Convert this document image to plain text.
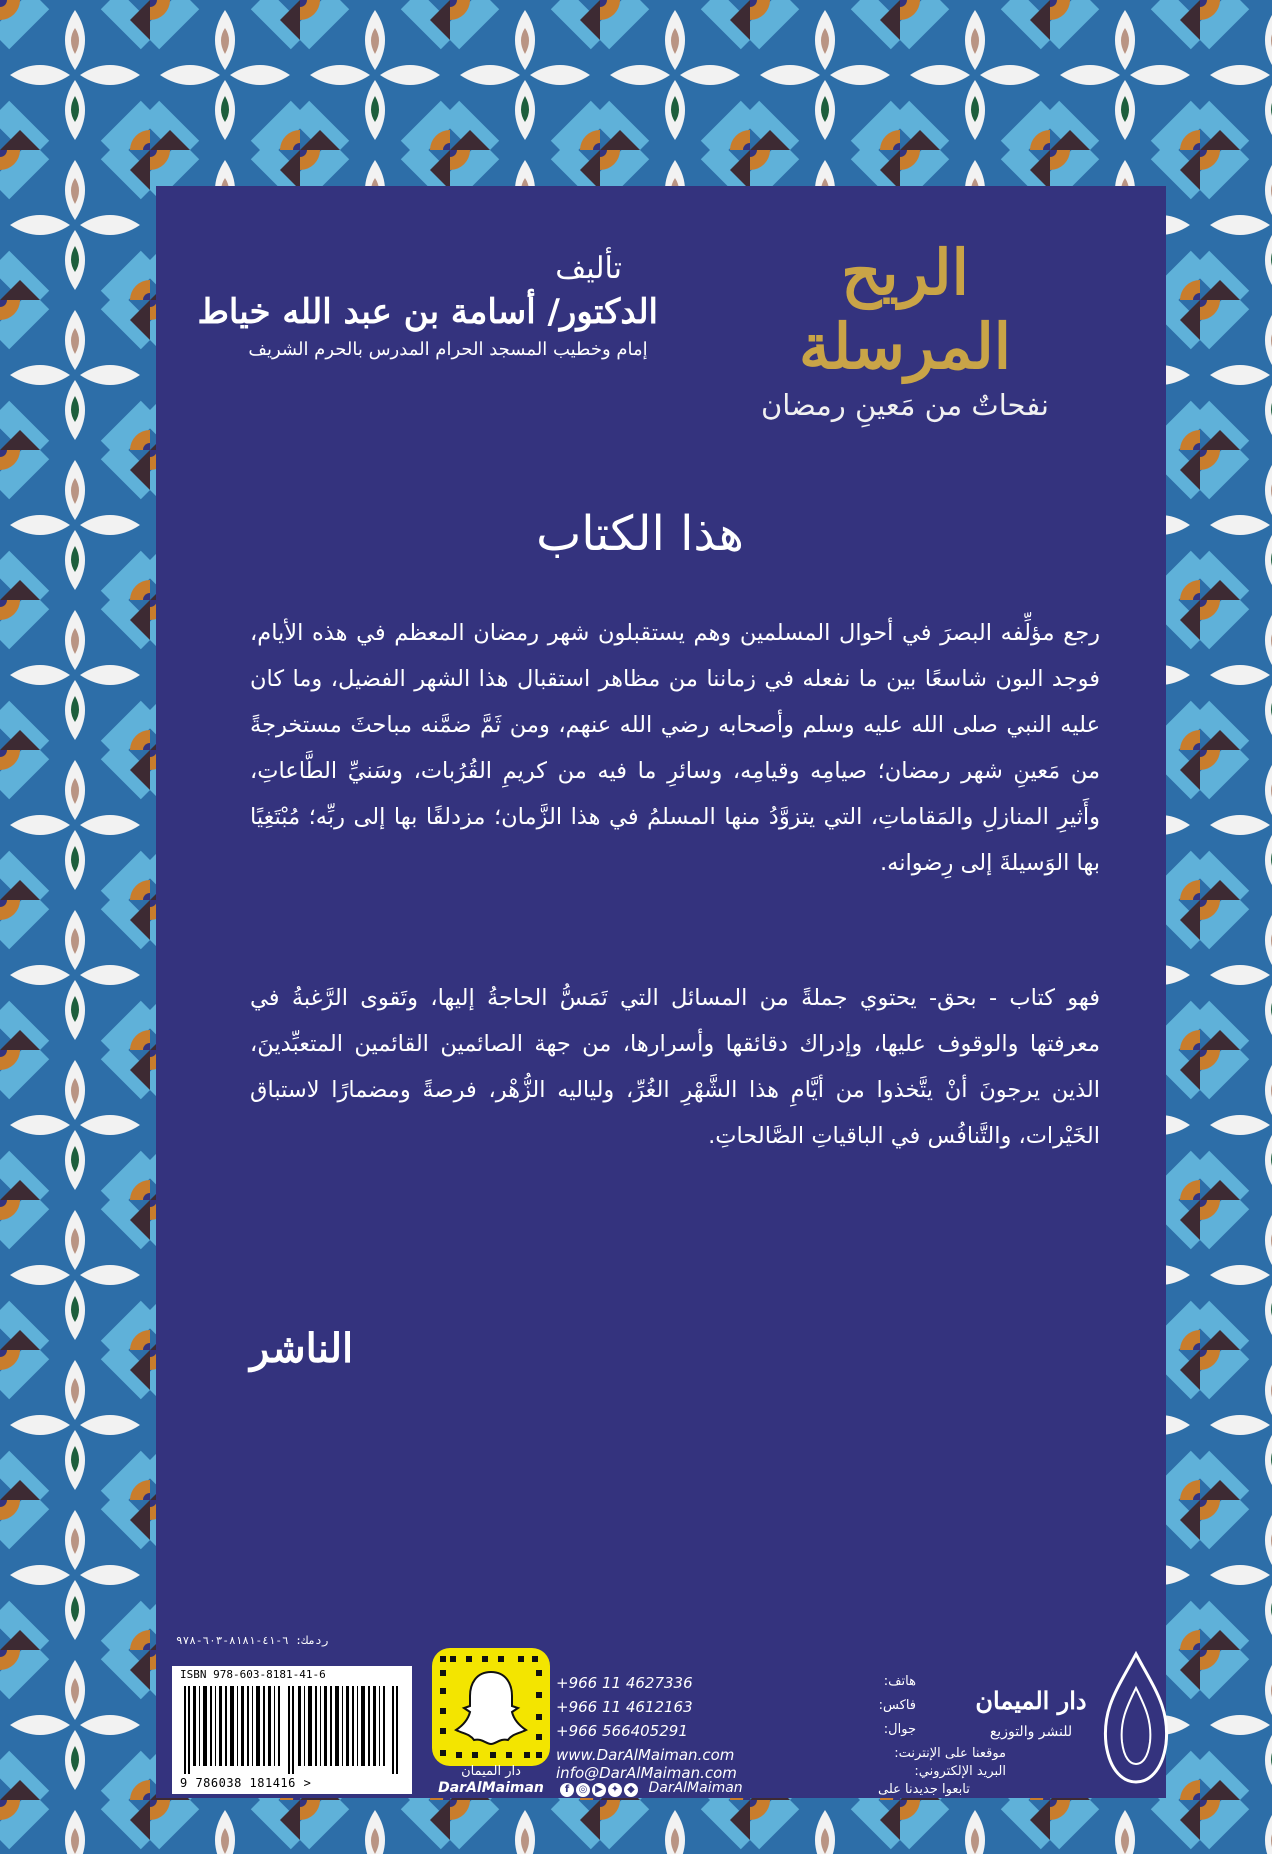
الريح المرسلة
نفحاتٌ من مَعينِ رمضان
تأليف
الدكتور/ أسامة بن عبد الله خياط
إمام وخطيب المسجد الحرام المدرس بالحرم الشريف
هذا الكتاب
رجع مؤلِّفه البصرَ في أحوال المسلمين وهم يستقبلون شهر رمضان المعظم في هذه الأيام، فوجد البون شاسعًا بين ما نفعله في زماننا من مظاهر استقبال هذا الشهر الفضيل، وما كان عليه النبي صلى الله عليه وسلم وأصحابه رضي الله عنهم، ومن ثَمَّ ضمَّنه مباحثَ مستخرجةً من مَعينِ شهر رمضان؛ صيامِه وقيامِه، وسائرِ ما فيه من كريمِ القُرُبات، وسَنيِّ الطَّاعاتِ، وأَثيرِ المنازلِ والمَقاماتِ، التي يتزوَّدُ منها المسلمُ في هذا الزَّمان؛ مزدلفًا بها إلى ربِّه؛ مُبْتَغِيًا بها الوَسيلةَ إلى رِضوانه.
فهو كتاب - بحق- يحتوي جملةً من المسائل التي تَمَسُّ الحاجةُ إليها، وتَقوى الرَّغبةُ في معرفتها والوقوف عليها، وإدراك دقائقها وأسرارها، من جهة الصائمين القائمين المتعبِّدينَ، الذين يرجونَ أنْ يتَّخذوا من أيَّامِ هذا الشَّهْرِ الغُرِّ، ولياليه الزُّهْر، فرصةً ومضمارًا لاستباق الخَيْرات، والتَّنافُس في الباقياتِ الصَّالحاتِ.
الناشر
ردمك: ٦-٤١-٨١٨١-٦٠٣-٩٧٨
ISBN 978-603-8181-41-6
9 786038 181416 >
دار الميمان
DarAlMaiman
+966 11 4627336	هاتف:
+966 11 4612163	فاكس:
+966 566405291	جوال:
www.DarAlMaiman.com	موقعنا على الإنترنت:
info@DarAlMaiman.com	البريد الإلكتروني:
f ◎ ▶ ✦ ◆ DarAlMaiman	تابعوا جديدنا على
دار الميمان
للنشر والتوزيع
